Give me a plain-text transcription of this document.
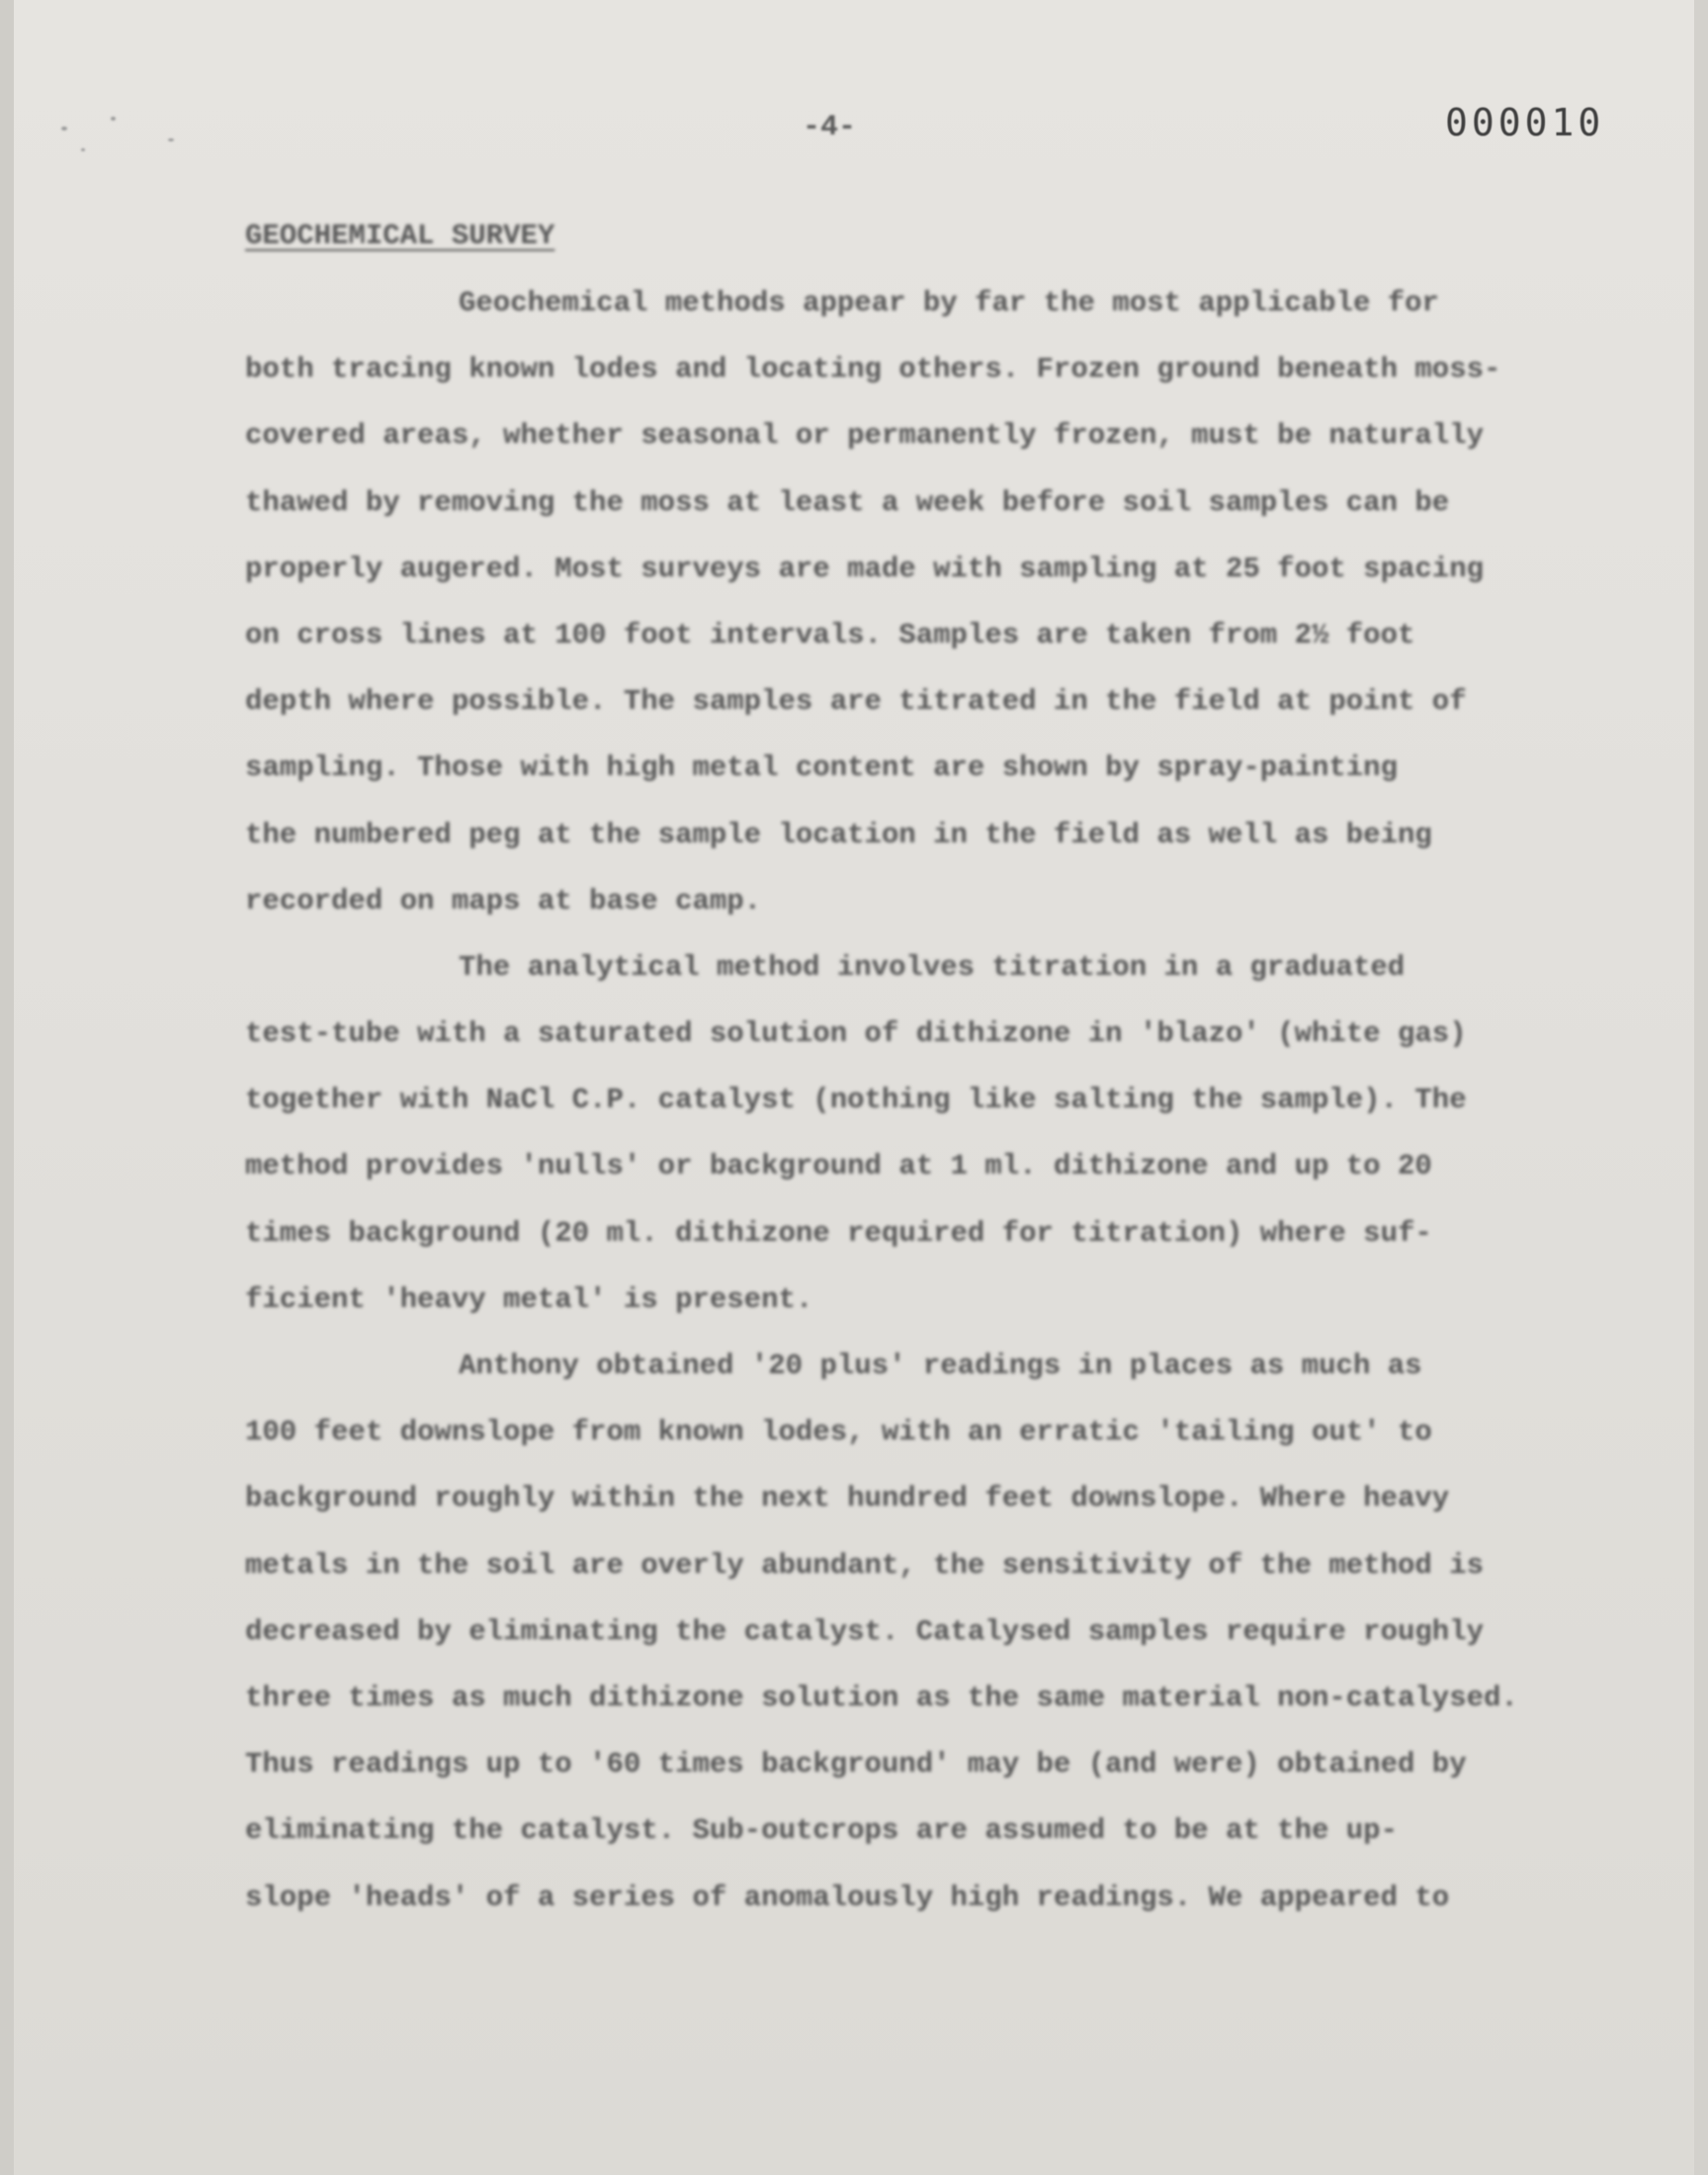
-4-	000010
GEOCHEMICAL SURVEY
Geochemical methods appear by far the most applicable for
both tracing known lodes and locating others. Frozen ground beneath moss-
covered areas, whether seasonal or permanently frozen, must be naturally
thawed by removing the moss at least a week before soil samples can be
properly augered. Most surveys are made with sampling at 25 foot spacing
on cross lines at 100 foot intervals. Samples are taken from 2½ foot
depth where possible. The samples are titrated in the field at point of
sampling. Those with high metal content are shown by spray-painting
the numbered peg at the sample location in the field as well as being
recorded on maps at base camp.
The analytical method involves titration in a graduated
test-tube with a saturated solution of dithizone in 'blazo' (white gas)
together with NaCl C.P. catalyst (nothing like salting the sample). The
method provides 'nulls' or background at 1 ml. dithizone and up to 20
times background (20 ml. dithizone required for titration) where suf-
ficient 'heavy metal' is present.
Anthony obtained '20 plus' readings in places as much as
100 feet downslope from known lodes, with an erratic 'tailing out' to
background roughly within the next hundred feet downslope. Where heavy
metals in the soil are overly abundant, the sensitivity of the method is
decreased by eliminating the catalyst. Catalysed samples require roughly
three times as much dithizone solution as the same material non-catalysed.
Thus readings up to '60 times background' may be (and were) obtained by
eliminating the catalyst. Sub-outcrops are assumed to be at the up-
slope 'heads' of a series of anomalously high readings. We appeared to
